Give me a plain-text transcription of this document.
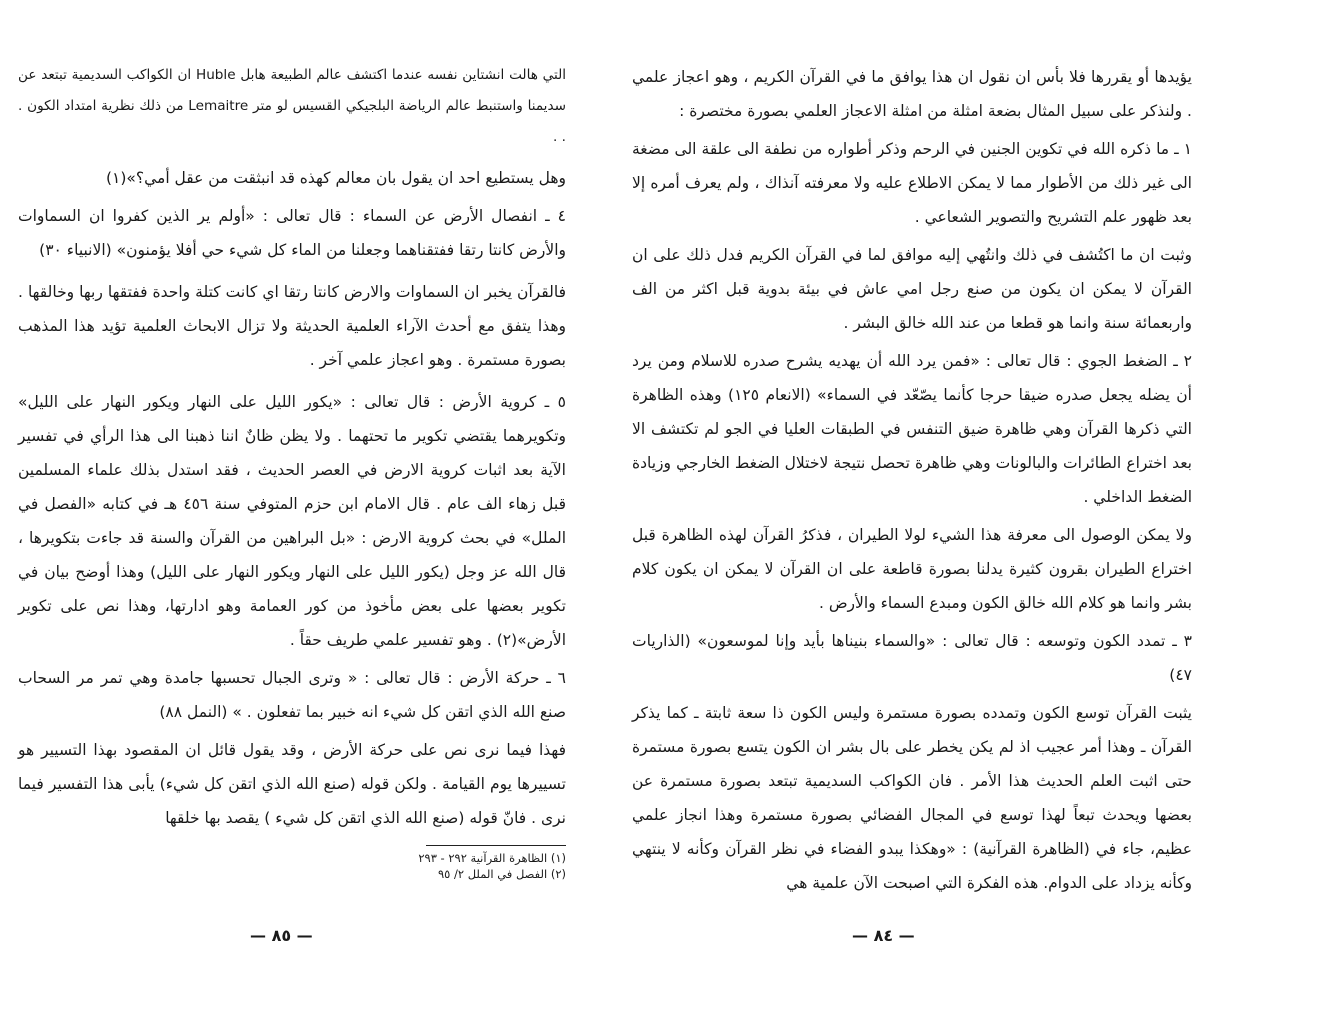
التي هالت انشتاين نفسه عندما اكتشف عالم الطبيعة هابل Huble ان الكواكب السديمية تبتعد عن سديمنا واستنبط عالم الرياضة البلجيكي القسيس لو متر Lemaitre من ذلك نظرية امتداد الكون . . .

وهل يستطيع احد ان يقول بان معالم كهذه قد انبثقت من عقل أمي؟»(١)

٤ ـ انفصال الأرض عن السماء : قال تعالى : «أولم ير الذين كفروا ان السماوات والأرض كانتا رتقا ففتقناهما وجعلنا من الماء كل شيء حي أفلا يؤمنون» (الانبياء ٣٠)

فالقرآن يخبر ان السماوات والارض كانتا رتقا اي كانت كتلة واحدة ففتقها ربها وخالقها . وهذا يتفق مع أحدث الآراء العلمية الحديثة ولا تزال الابحاث العلمية تؤيد هذا المذهب بصورة مستمرة . وهو اعجاز علمي آخر .

٥ ـ كروية الأرض : قال تعالى : «يكور الليل على النهار ويكور النهار على الليل» وتكويرهما يقتضي تكوير ما تحتهما . ولا يظن ظانٌ اننا ذهبنا الى هذا الرأي في تفسير الآية بعد اثبات كروية الارض في العصر الحديث ، فقد استدل بذلك علماء المسلمين قبل زهاء الف عام . قال الامام ابن حزم المتوفي سنة ٤٥٦ هـ في كتابه «الفصل في الملل» في بحث كروية الارض : «بل البراهين من القرآن والسنة قد جاءت بتكويرها ، قال الله عز وجل (يكور الليل على النهار ويكور النهار على الليل) وهذا أوضح بيان في تكوير بعضها على بعض مأخوذ من كور العمامة وهو ادارتها، وهذا نص على تكوير الأرض»(٢) . وهو تفسير علمي طريف حقاً .

٦ ـ حركة الأرض : قال تعالى : « وترى الجبال تحسبها جامدة وهي تمر مر السحاب صنع الله الذي اتقن كل شيء انه خبير بما تفعلون . » (النمل ٨٨)

فهذا فيما نرى نص على حركة الأرض ، وقد يقول قائل ان المقصود بهذا التسيير هو تسييرها يوم القيامة . ولكن قوله (صنع الله الذي اتقن كل شيء) يأبى هذا التفسير فيما نرى . فانّ قوله (صنع الله الذي اتقن كل شيء ) يقصد بها خلقها

(١) الظاهرة القرآنية ٢٩٢ - ٢٩٣
(٢) الفصل في الملل ٢/ ٩٥

يؤيدها أو يقررها فلا بأس ان نقول ان هذا يوافق ما في القرآن الكريم ، وهو اعجاز علمي . ولنذكر على سبيل المثال بضعة امثلة من امثلة الاعجاز العلمي بصورة مختصرة :

١ ـ ما ذكره الله في تكوين الجنين في الرحم وذكر أطواره من نطفة الى علقة الى مضغة الى غير ذلك من الأطوار مما لا يمكن الاطلاع عليه ولا معرفته آنذاك ، ولم يعرف أمره إلا بعد ظهور علم التشريح والتصوير الشعاعي .

وثبت ان ما اكتُشف في ذلك وانتُهي إليه موافق لما في القرآن الكريم فدل ذلك على ان القرآن لا يمكن ان يكون من صنع رجل امي عاش في بيئة بدوية قبل اكثر من الف واربعمائة سنة وانما هو قطعا من عند الله خالق البشر .

٢ ـ الضغط الجوي : قال تعالى : «فمن يرد الله أن يهديه يشرح صدره للاسلام ومن يرد أن يضله يجعل صدره ضيقا حرجا كأنما يصّعّد في السماء» (الانعام ١٢٥) وهذه الظاهرة التي ذكرها القرآن وهي ظاهرة ضيق التنفس في الطبقات العليا في الجو لم تكتشف الا بعد اختراع الطائرات والبالونات وهي ظاهرة تحصل نتيجة لاختلال الضغط الخارجي وزيادة الضغط الداخلي .

ولا يمكن الوصول الى معرفة هذا الشيء لولا الطيران ، فذكرُ القرآن لهذه الظاهرة قبل اختراع الطيران بقرون كثيرة يدلنا بصورة قاطعة على ان القرآن لا يمكن ان يكون كلام بشر وانما هو كلام الله خالق الكون ومبدع السماء والأرض .

٣ ـ تمدد الكون وتوسعه : قال تعالى : «والسماء بنيناها بأيد وإنا لموسعون» (الذاريات ٤٧)

يثبت القرآن توسع الكون وتمدده بصورة مستمرة وليس الكون ذا سعة ثابتة ـ كما يذكر القرآن ـ وهذا أمر عجيب اذ لم يكن يخطر على بال بشر ان الكون يتسع بصورة مستمرة حتى اثبت العلم الحديث هذا الأمر . فان الكواكب السديمية تبتعد بصورة مستمرة عن بعضها ويحدث تبعاً لهذا توسع في المجال الفضائي بصورة مستمرة وهذا انجاز علمي عظيم، جاء في (الظاهرة القرآنية) : «وهكذا يبدو الفضاء في نظر القرآن وكأنه لا ينتهي وكأنه يزداد على الدوام. هذه الفكرة التي اصبحت الآن علمية هي

— ٨٥ —	— ٨٤ —
